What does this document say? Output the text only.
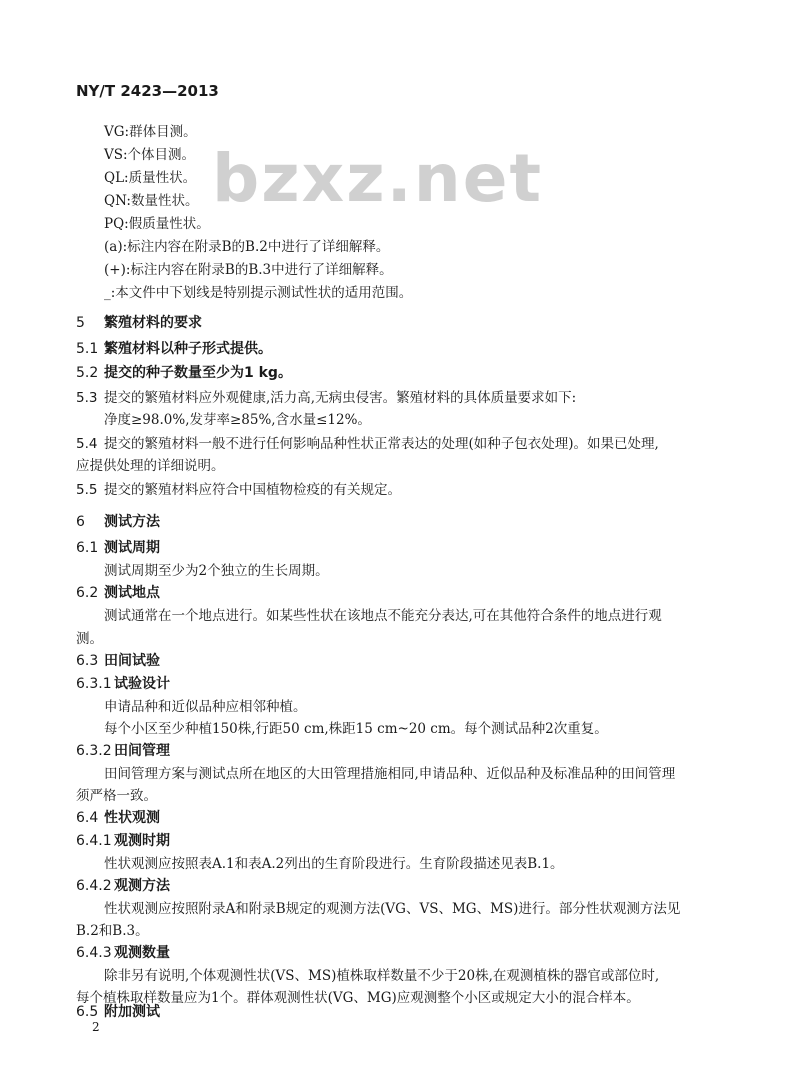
bzxz.net
NY/T 2423—2013
VG:群体目测。
VS:个体目测。
QL:质量性状。
QN:数量性状。
PQ:假质量性状。
(a):标注内容在附录B的B.2中进行了详细解释。
(+):标注内容在附录B的B.3中进行了详细解释。
_:本文件中下划线是特别提示测试性状的适用范围。
5 繁殖材料的要求
5.1 繁殖材料以种子形式提供。
5.2 提交的种子数量至少为1 kg。
5.3 提交的繁殖材料应外观健康,活力高,无病虫侵害。繁殖材料的具体质量要求如下:
净度≥98.0%,发芽率≥85%,含水量≤12%。
5.4 提交的繁殖材料一般不进行任何影响品种性状正常表达的处理(如种子包衣处理)。如果已处理,
应提供处理的详细说明。
5.5 提交的繁殖材料应符合中国植物检疫的有关规定。
6 测试方法
6.1 测试周期
测试周期至少为2个独立的生长周期。
6.2 测试地点
测试通常在一个地点进行。如某些性状在该地点不能充分表达,可在其他符合条件的地点进行观
测。
6.3 田间试验
6.3.1 试验设计
申请品种和近似品种应相邻种植。
每个小区至少种植150株,行距50 cm,株距15 cm~20 cm。每个测试品种2次重复。
6.3.2 田间管理
田间管理方案与测试点所在地区的大田管理措施相同,申请品种、近似品种及标准品种的田间管理
须严格一致。
6.4 性状观测
6.4.1 观测时期
性状观测应按照表A.1和表A.2列出的生育阶段进行。生育阶段描述见表B.1。
6.4.2 观测方法
性状观测应按照附录A和附录B规定的观测方法(VG、VS、MG、MS)进行。部分性状观测方法见
B.2和B.3。
6.4.3 观测数量
除非另有说明,个体观测性状(VS、MS)植株取样数量不少于20株,在观测植株的器官或部位时,
每个植株取样数量应为1个。群体观测性状(VG、MG)应观测整个小区或规定大小的混合样本。
6.5 附加测试
2
